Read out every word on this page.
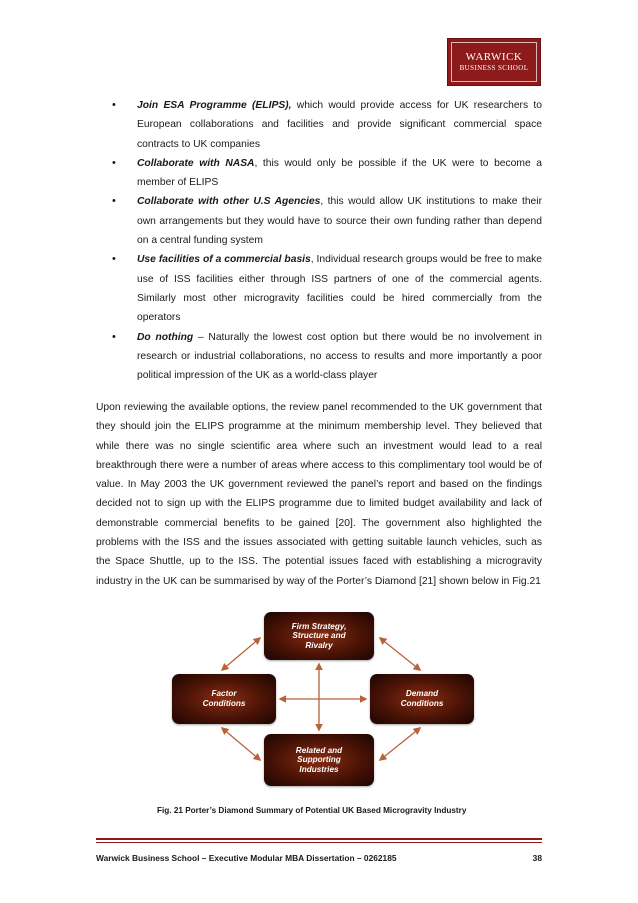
WARWICK
BUSINESS SCHOOL
• Join ESA Programme (ELIPS), which would provide access for UK researchers to European collaborations and facilities and provide significant commercial space contracts to UK companies
• Collaborate with NASA, this would only be possible if the UK were to become a member of ELIPS
• Collaborate with other U.S Agencies, this would allow UK institutions to make their own arrangements but they would have to source their own funding rather than depend on a central funding system
• Use facilities of a commercial basis, Individual research groups would be free to make use of ISS facilities either through ISS partners of one of the commercial agents. Similarly most other microgravity facilities could be hired commercially from the operators
• Do nothing – Naturally the lowest cost option but there would be no involvement in research or industrial collaborations, no access to results and more importantly a poor political impression of the UK as a world-class player

Upon reviewing the available options, the review panel recommended to the UK government that they should join the ELIPS programme at the minimum membership level. They believed that while there was no single scientific area where such an investment would lead to a real breakthrough there were a number of areas where access to this complimentary tool would be of value. In May 2003 the UK government reviewed the panel’s report and based on the findings decided not to sign up with the ELIPS programme due to limited budget availability and lack of demonstrable commercial benefits to be gained [20]. The government also highlighted the problems with the ISS and the issues associated with getting suitable launch vehicles, such as the Space Shuttle, up to the ISS. The potential issues faced with establishing a microgravity industry in the UK can be summarised by way of the Porter’s Diamond [21] shown below in Fig.21

Firm Strategy,
Structure and
Rivalry
Factor
Conditions
Demand
Conditions
Related and
Supporting
Industries
Fig. 21 Porter’s Diamond Summary of Potential UK Based Microgravity Industry
Warwick Business School – Executive Modular MBA Dissertation – 0262185	38
